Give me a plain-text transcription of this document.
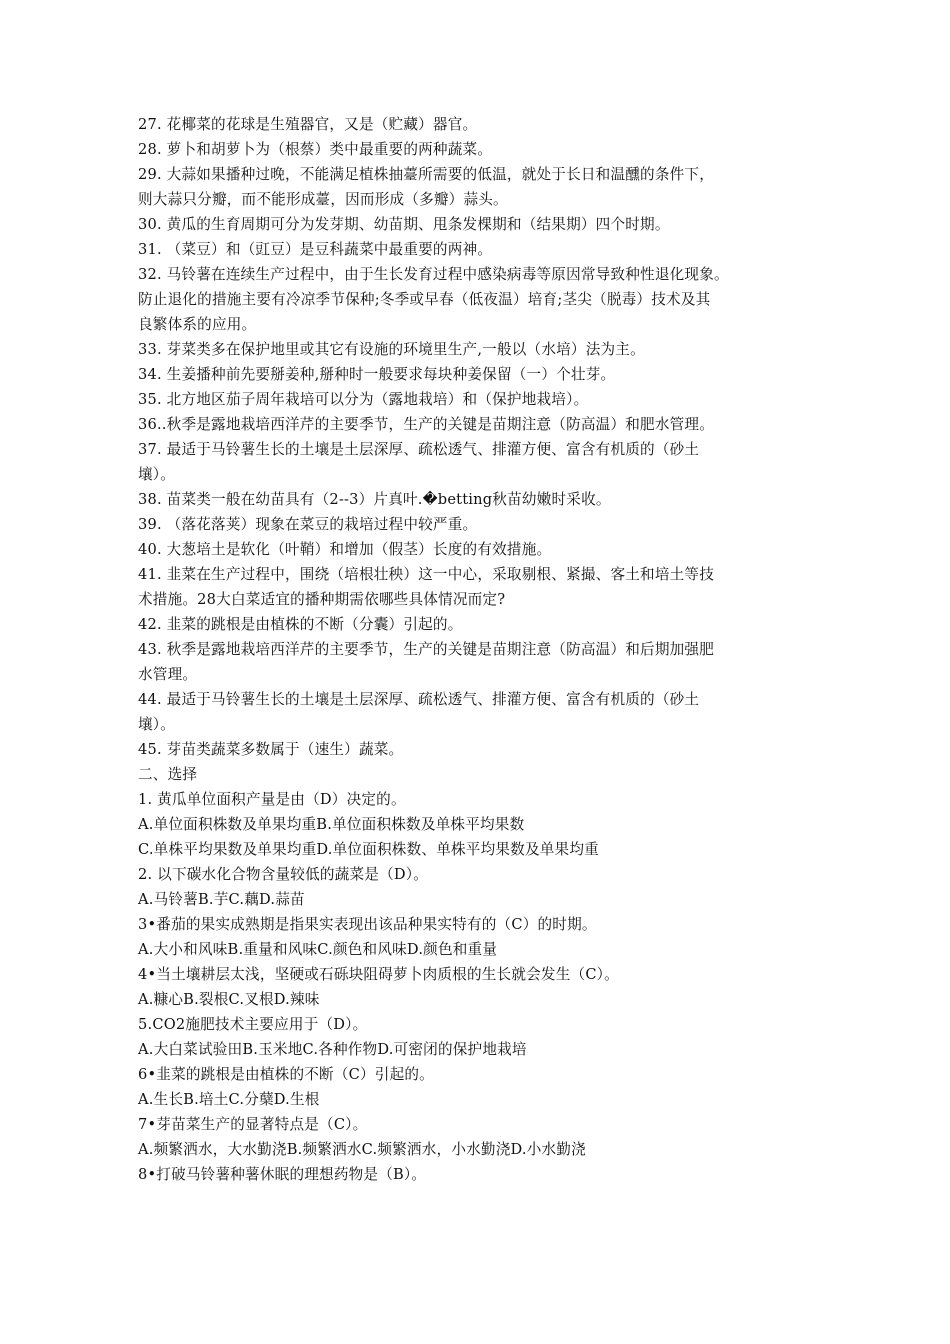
27. 花椰菜的花球是生殖器官，又是（贮藏）器官。
28. 萝卜和胡萝卜为（根蔡）类中最重要的两种蔬菜。
29. 大蒜如果播种过晚，不能满足植株抽薹所需要的低温，就处于长日和温醺的条件下，
则大蒜只分瓣，而不能形成薹，因而形成（多瓣）蒜头。
30. 黄瓜的生育周期可分为发芽期、幼苗期、甩条发棵期和（结果期）四个时期。
31. （菜豆）和（豇豆）是豆科蔬菜中最重要的两神。
32. 马铃薯在连续生产过程中，由于生长发育过程中感染病毒等原因常导致种性退化现象。
防止退化的措施主要有冷凉季节保种;冬季或早春（低夜温）培育;茎尖（脱毒）技术及其
良繁体系的应用。
33. 芽菜类多在保护地里或其它有设施的环境里生产,一般以（水培）法为主。
34. 生姜播种前先要掰姜种,掰种时一般要求每块种姜保留（一）个壮芽。
35. 北方地区茄子周年栽培可以分为（露地栽培）和（保护地栽培）。
36..秋季是露地栽培西洋芹的主要季节，生产的关键是苗期注意（防高温）和肥水管理。
37. 最适于马铃薯生长的土壤是土层深厚、疏松透气、排灌方便、富含有机质的（砂土
壤）。
38. 苗菜类一般在幼苗具有（2--3）片真叶.�betting秋苗幼嫩时采收。
39. （落花落荚）现象在菜豆的栽培过程中较严重。
40. 大葱培土是软化（叶鞘）和增加（假茎）长度的有效措施。
41. 韭菜在生产过程中，围绕（培根壮秧）这一中心，采取剔根、紧撮、客土和培土等技
术措施。28大白菜适宜的播种期需依哪些具体情况而定?
42. 韭菜的跳根是由植株的不断（分囊）引起的。
43. 秋季是露地栽培西洋芹的主要季节，生产的关键是苗期注意（防高温）和后期加强肥
水管理。
44. 最适于马铃薯生长的土壤是土层深厚、疏松透气、排灌方便、富含有机质的（砂土
壤）。
45. 芽苗类蔬菜多数属于（速生）蔬菜。
二、选择
1. 黄瓜单位面积产量是由（D）决定的。
A.单位面积株数及单果均重B.单位面积株数及单株平均果数
C.单株平均果数及单果均重D.单位面积株数、单株平均果数及单果均重
2. 以下碳水化合物含量较低的蔬菜是（D）。
A.马铃薯B.芋C.藕D.蒜苗
3•番茄的果实成熟期是指果实表现出该品种果实特有的（C）的时期。
A.大小和风味B.重量和风味C.颜色和风味D.颜色和重量
4•当土壤耕层太浅，坚硬或石砾块阻碍萝卜肉质根的生长就会发生（C）。
A.糠心B.裂根C.叉根D.辣味
5.CO2施肥技术主要应用于（D）。
A.大白菜试验田B.玉米地C.各种作物D.可密闭的保护地栽培
6•韭菜的跳根是由植株的不断（C）引起的。
A.生长B.培土C.分蘖D.生根
7•芽苗菜生产的显著特点是（C）。
A.频繁洒水，大水勤浇B.频繁洒水C.频繁洒水，小水勤浇D.小水勤浇
8•打破马铃薯种薯休眠的理想药物是（B）。
